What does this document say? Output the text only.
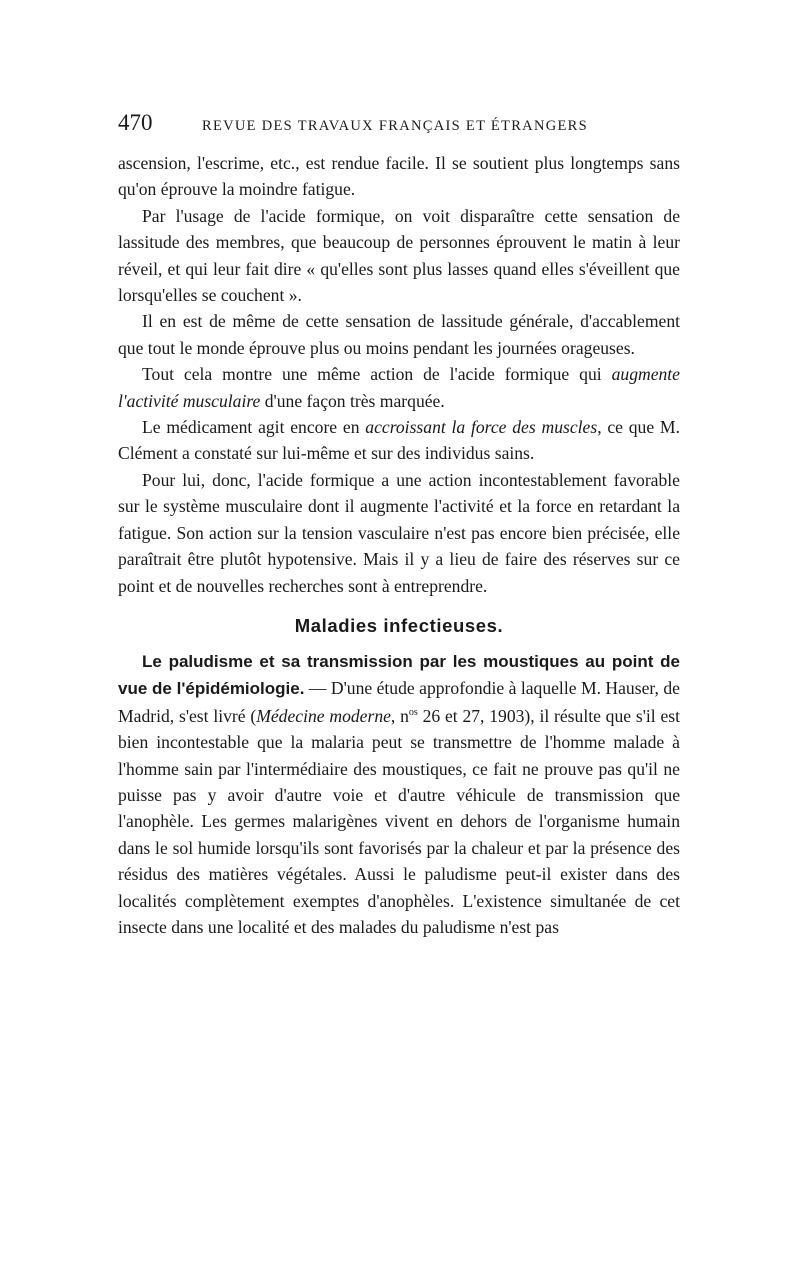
470	REVUE DES TRAVAUX FRANÇAIS ET ÉTRANGERS

ascension, l'escrime, etc., est rendue facile. Il se soutient plus longtemps sans qu'on éprouve la moindre fatigue.

Par l'usage de l'acide formique, on voit disparaître cette sensation de lassitude des membres, que beaucoup de personnes éprouvent le matin à leur réveil, et qui leur fait dire « qu'elles sont plus lasses quand elles s'éveillent que lorsqu'elles se couchent ».

Il en est de même de cette sensation de lassitude générale, d'accablement que tout le monde éprouve plus ou moins pendant les journées orageuses.

Tout cela montre une même action de l'acide formique qui augmente l'activité musculaire d'une façon très marquée.

Le médicament agit encore en accroissant la force des muscles, ce que M. Clément a constaté sur lui-même et sur des individus sains.

Pour lui, donc, l'acide formique a une action incontestablement favorable sur le système musculaire dont il augmente l'activité et la force en retardant la fatigue. Son action sur la tension vasculaire n'est pas encore bien précisée, elle paraîtrait être plutôt hypotensive. Mais il y a lieu de faire des réserves sur ce point et de nouvelles recherches sont à entreprendre.

Maladies infectieuses.

Le paludisme et sa transmission par les moustiques au point de vue de l'épidémiologie. — D'une étude approfondie à laquelle M. Hauser, de Madrid, s'est livré (Médecine moderne, $n^{os}$ 26 et 27, 1903), il résulte que s'il est bien incontestable que la malaria peut se transmettre de l'homme malade à l'homme sain par l'intermédiaire des moustiques, ce fait ne prouve pas qu'il ne puisse pas y avoir d'autre voie et d'autre véhicule de transmission que l'anophèle. Les germes malarigènes vivent en dehors de l'organisme humain dans le sol humide lorsqu'ils sont favorisés par la chaleur et par la présence des résidus des matières végétales. Aussi le paludisme peut-il exister dans des localités complètement exemptes d'anophèles. L'existence simultanée de cet insecte dans une localité et des malades du paludisme n'est pas
